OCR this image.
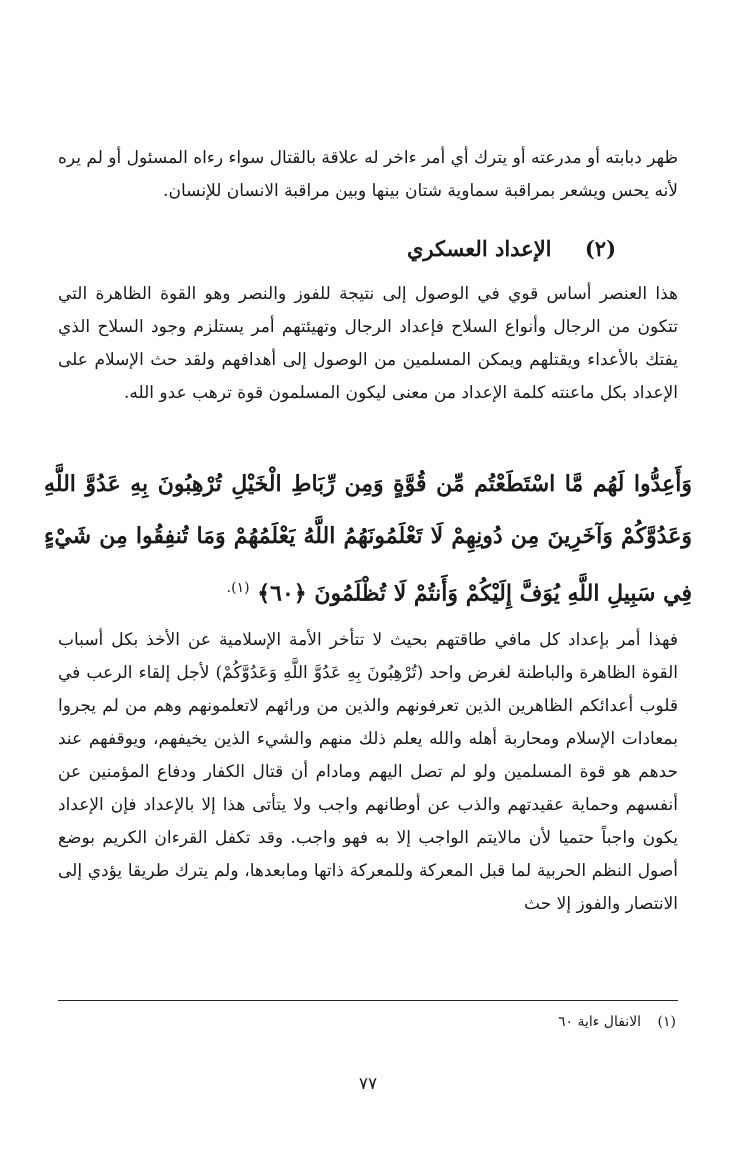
ظهر دبابته أو مدرعته أو يترك أي أمر ءاخر له علاقة بالقتال سواء رءاه المسئول أو لم يره لأنه يحس ويشعر بمراقبة سماوية شتان بينها وبين مراقبة الانسان للإنسان.

(٢) الإعداد العسكري

هذا العنصر أساس قوي في الوصول إلى نتيجة للفوز والنصر وهو القوة الظاهرة التي تتكون من الرجال وأنواع السلاح فإعداد الرجال وتهيئتهم أمر يستلزم وجود السلاح الذي يفتك بالأعداء ويقتلهم ويمكن المسلمين من الوصول إلى أهدافهم ولقد حث الإسلام على الإعداد بكل ماعنته كلمة الإعداد من معنى ليكون المسلمون قوة ترهب عدو الله.

وَأَعِدُّوا لَهُم مَّا اسْتَطَعْتُم مِّن قُوَّةٍ وَمِن رِّبَاطِ الْخَيْلِ تُرْهِبُونَ بِهِ عَدُوَّ اللَّهِ وَعَدُوَّكُمْ وَآخَرِينَ مِن دُونِهِمْ لَا تَعْلَمُونَهُمُ اللَّهُ يَعْلَمُهُمْ وَمَا تُنفِقُوا مِن شَيْءٍ فِي سَبِيلِ اللَّهِ يُوَفَّ إِلَيْكُمْ وَأَنتُمْ لَا تُظْلَمُونَ ﴿٦٠﴾ $^{(١).}$

فهذا أمر بإعداد كل مافي طاقتهم بحيث لا تتأخر الأمة الإسلامية عن الأخذ بكل أسباب القوة الظاهرة والباطنة لغرض واحد (تُرْهِبُونَ بِهِ عَدُوَّ اللَّهِ وَعَدُوَّكُمْ) لأجل إلقاء الرعب في قلوب أعدائكم الظاهرين الذين تعرفونهم والذين من ورائهم لاتعلمونهم وهم من لم يجروا بمعادات الإسلام ومحاربة أهله والله يعلم ذلك منهم والشيء الذين يخيفهم، ويوقفهم عند حدهم هو قوة المسلمين ولو لم تصل اليهم ومادام أن قتال الكفار ودفاع المؤمنين عن أنفسهم وحماية عقيدتهم والذب عن أوطانهم واجب ولا يتأتى هذا إلا بالإعداد فإن الإعداد يكون واجباً حتميا لأن مالايتم الواجب إلا به فهو واجب. وقد تكفل القرءان الكريم بوضع أصول النظم الحربية لما قبل المعركة وللمعركة ذاتها ومابعدها، ولم يترك طريقا يؤدي إلى الانتصار والفوز إلا حث

(١) الانفال ءاية ٦٠
٧٧
